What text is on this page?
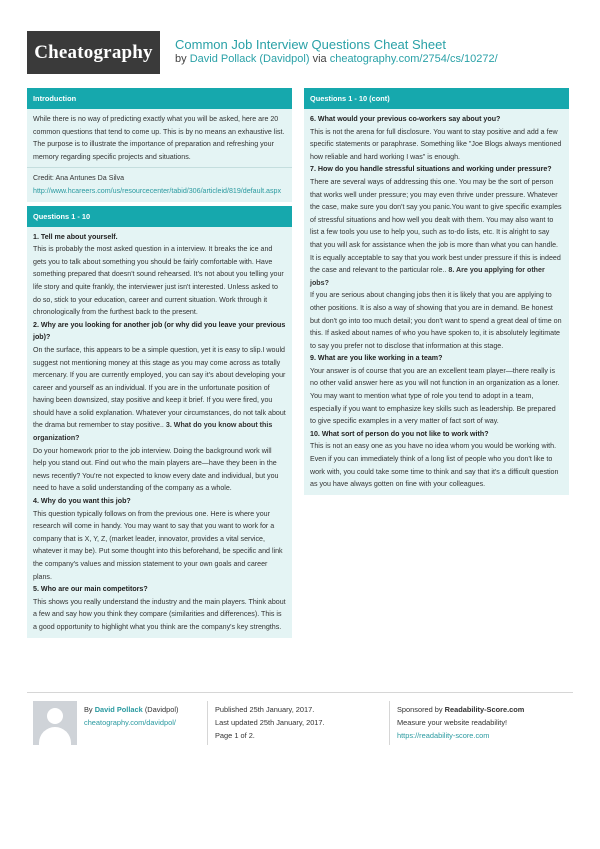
Cheatography	Common Job Interview Questions Cheat Sheet
by David Pollack (Davidpol) via cheatography.com/2754/cs/10272/
Introduction
While there is no way of predicting exactly what you will be asked, here are 20 common questions that tend to come up. This is by no means an exhaustive list. The purpose is to illustrate the importance of preparation and refreshing your memory regarding specific projects and situations.
Credit: Ana Antunes Da Silva
http://www.hcareers.com/us/resourcecenter/tabid/306/articleid/819/default.aspx
Questions 1 - 10
1. Tell me about yourself.
This is probably the most asked question in a interview. It breaks the ice and gets you to talk about something you should be fairly comfortable with. Have something prepared that doesn't sound rehearsed. It's not about you telling your life story and quite frankly, the interviewer just isn't interested. Unless asked to do so, stick to your education, career and current situation. Work through it chronologically from the furthest back to the present.
2. Why are you looking for another job (or why did you leave your previous job)?
On the surface, this appears to be a simple question, yet it is easy to slip.I would suggest not mentioning money at this stage as you may come across as totally mercenary. If you are currently employed, you can say it's about developing your career and yourself as an individual. If you are in the unfortunate position of having been downsized, stay positive and keep it brief. If you were fired, you should have a solid explanation. Whatever your circumstances, do not talk about the drama but remember to stay positive.. 3. What do you know about this organization?
Do your homework prior to the job interview. Doing the background work will help you stand out. Find out who the main players are—have they been in the news recently? You're not expected to know every date and individual, but you need to have a solid understanding of the company as a whole.
4. Why do you want this job?
This question typically follows on from the previous one. Here is where your research will come in handy. You may want to say that you want to work for a company that is X, Y, Z, (market leader, innovator, provides a vital service, whatever it may be). Put some thought into this beforehand, be specific and link the company's values and mission statement to your own goals and career plans.
5. Who are our main competitors?
This shows you really understand the industry and the main players. Think about a few and say how you think they compare (similarities and differences). This is a good opportunity to highlight what you think are the company's key strengths.
Questions 1 - 10 (cont)
6. What would your previous co-workers say about you?
This is not the arena for full disclosure. You want to stay positive and add a few specific statements or paraphrase. Something like "Joe Blogs always mentioned how reliable and hard working I was" is enough.
7. How do you handle stressful situations and working under pressure?
There are several ways of addressing this one. You may be the sort of person that works well under pressure; you may even thrive under pressure. Whatever the case, make sure you don't say you panic.You want to give specific examples of stressful situations and how well you dealt with them. You may also want to list a few tools you use to help you, such as to-do lists, etc. It is alright to say that you will ask for assistance when the job is more than what you can handle. It is equally acceptable to say that you work best under pressure if this is indeed the case and relevant to the particular role.. 8. Are you applying for other jobs?
If you are serious about changing jobs then it is likely that you are applying to other positions. It is also a way of showing that you are in demand. Be honest but don't go into too much detail; you don't want to spend a great deal of time on this. If asked about names of who you have spoken to, it is absolutely legitimate to say you prefer not to disclose that information at this stage.
9. What are you like working in a team?
Your answer is of course that you are an excellent team player—there really is no other valid answer here as you will not function in an organization as a loner. You may want to mention what type of role you tend to adopt in a team, especially if you want to emphasize key skills such as leadership. Be prepared to give specific examples in a very matter of fact sort of way.
10. What sort of person do you not like to work with?
This is not an easy one as you have no idea whom you would be working with. Even if you can immediately think of a long list of people who you don't like to work with, you could take some time to think and say that it's a difficult question as you have always gotten on fine with your colleagues.
By David Pollack (Davidpol)
cheatography.com/davidpol/
Published 25th January, 2017.
Last updated 25th January, 2017.
Page 1 of 2.
Sponsored by Readability-Score.com
Measure your website readability!
https://readability-score.com
